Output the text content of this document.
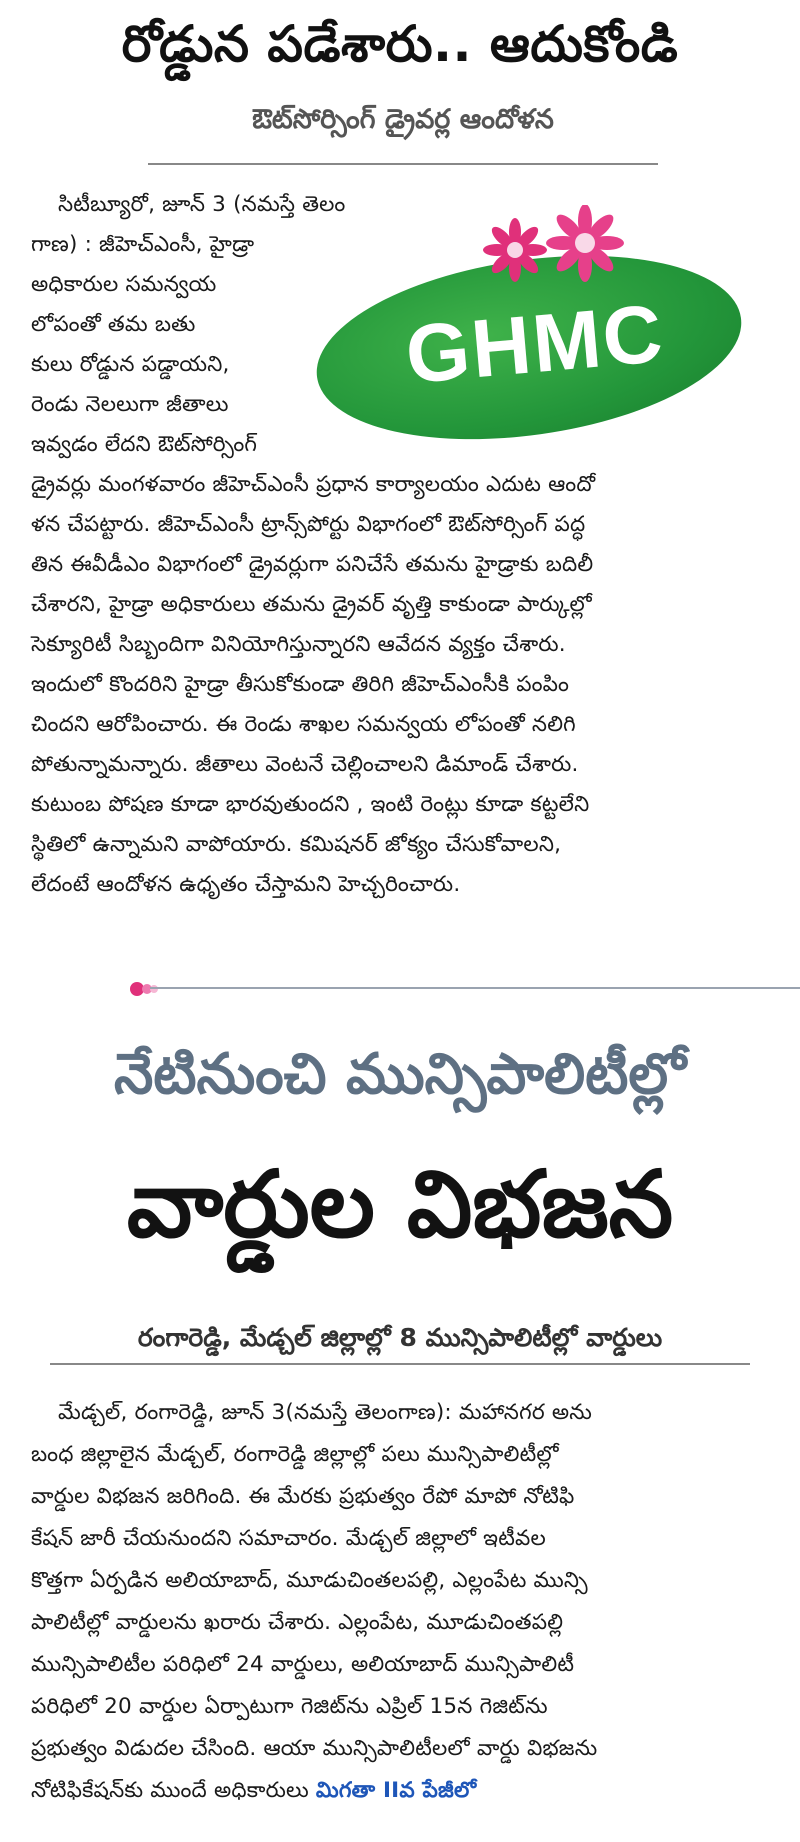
రోడ్డున పడేశారు.. ఆదుకోండి
ఔట్‌సోర్సింగ్ డ్రైవర్ల ఆందోళన
సిటీబ్యూరో, జూన్ 3 (నమస్తే తెలం
గాణ) : జీహెచ్ఎంసీ, హైడ్రా
అధికారుల సమన్వయ
లోపంతో తమ బతు
కులు రోడ్డున పడ్డాయని,
రెండు నెలలుగా జీతాలు
ఇవ్వడం లేదని ఔట్‌సోర్సింగ్
డ్రైవర్లు మంగళవారం జీహెచ్ఎంసీ ప్రధాన కార్యాలయం ఎదుట ఆందో
ళన చేపట్టారు. జీహెచ్ఎంసీ ట్రాన్స్‌పోర్టు విభాగంలో ఔట్‌సోర్సింగ్ పద్ధ
తిన ఈవీడీఎం విభాగంలో డ్రైవర్లుగా పనిచేసే తమను హైడ్రాకు బదిలీ
చేశారని, హైడ్రా అధికారులు తమను డ్రైవర్ వృత్తి కాకుండా పార్కుల్లో
సెక్యూరిటీ సిబ్బందిగా వినియోగిస్తున్నారని ఆవేదన వ్యక్తం చేశారు.
ఇందులో కొందరిని హైడ్రా తీసుకోకుండా తిరిగి జీహెచ్ఎంసీకి పంపిం
చిందని ఆరోపించారు. ఈ రెండు శాఖల సమన్వయ లోపంతో నలిగి
పోతున్నామన్నారు. జీతాలు వెంటనే చెల్లించాలని డిమాండ్ చేశారు.
కుటుంబ పోషణ కూడా భారవుతుందని , ఇంటి రెంట్లు కూడా కట్టలేని
స్థితిలో ఉన్నామని వాపోయారు. కమిషనర్ జోక్యం చేసుకోవాలని,
లేదంటే ఆందోళన ఉధృతం చేస్తామని హెచ్చరించారు.
GHMC
నేటినుంచి మున్సిపాలిటీల్లో
వార్డుల విభజన
రంగారెడ్డి, మేడ్చల్ జిల్లాల్లో 8 మున్సిపాలిటీల్లో వార్డులు
మేడ్చల్, రంగారెడ్డి, జూన్ 3(నమస్తే తెలంగాణ): మహానగర అను
బంధ జిల్లాలైన మేడ్చల్, రంగారెడ్డి జిల్లాల్లో పలు మున్సిపాలిటీల్లో
వార్డుల విభజన జరిగింది. ఈ మేరకు ప్రభుత్వం రేపో మాపో నోటిఫి
కేషన్ జారీ చేయనుందని సమాచారం. మేడ్చల్ జిల్లాలో ఇటీవల
కొత్తగా ఏర్పడిన అలియాబాద్, మూడుచింతలపల్లి, ఎల్లంపేట మున్సి
పాలిటీల్లో వార్డులను ఖరారు చేశారు. ఎల్లంపేట, మూడుచింతపల్లి
మున్సిపాలిటీల పరిధిలో 24 వార్డులు, అలియాబాద్ మున్సిపాలిటీ
పరిధిలో 20 వార్డుల ఏర్పాటుగా గెజిట్‌ను ఎప్రిల్ 15న గెజిట్‌ను
ప్రభుత్వం విడుదల చేసింది. ఆయా మున్సిపాలిటీలలో వార్డు విభజను
నోటిఫికేషన్‌కు ముందే అధికారులు మిగతా IIవ పేజీలో
